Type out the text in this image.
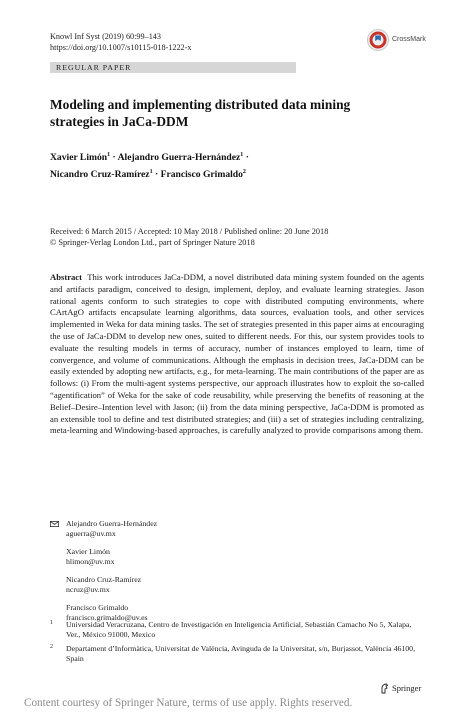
Knowl Inf Syst (2019) 60:99–143
https://doi.org/10.1007/s10115-018-1222-x
CrossMark
REGULAR PAPER
Modeling and implementing distributed data mining strategies in JaCa-DDM
Xavier Limón$^1$ · Alejandro Guerra-Hernández$^1$ ·
Nicandro Cruz-Ramírez$^1$ · Francisco Grimaldo$^2$
Received: 6 March 2015 / Accepted: 10 May 2018 / Published online: 20 June 2018
© Springer-Verlag London Ltd., part of Springer Nature 2018
Abstract This work introduces JaCa-DDM, a novel distributed data mining system founded on the agents and artifacts paradigm, conceived to design, implement, deploy, and evaluate learning strategies. Jason rational agents conform to such strategies to cope with distributed computing environments, where CArtAgO artifacts encapsulate learning algorithms, data sources, evaluation tools, and other services implemented in Weka for data mining tasks. The set of strategies presented in this paper aims at encouraging the use of JaCa-DDM to develop new ones, suited to different needs. For this, our system provides tools to evaluate the resulting models in terms of accuracy, number of instances employed to learn, time of convergence, and volume of communications. Although the emphasis in decision trees, JaCa-DDM can be easily extended by adopting new artifacts, e.g., for meta-learning. The main contributions of the paper are as follows: (i) From the multi-agent systems perspective, our approach illustrates how to exploit the so-called “agentification” of Weka for the sake of code reusability, while preserving the benefits of reasoning at the Belief–Desire–Intention level with Jason; (ii) from the data mining perspective, JaCa-DDM is promoted as an extensible tool to define and test distributed strategies; and (iii) a set of strategies including centralizing, meta-learning and Windowing-based approaches, is carefully analyzed to provide comparisons among them.
Alejandro Guerra-Hernández
aguerra@uv.mx
Xavier Limón
hlimon@uv.mx
Nicandro Cruz-Ramírez
ncruz@uv.mx
Francisco Grimaldo
francisco.grimaldo@uv.es
1 Universidad Veracruzana, Centro de Investigación en Inteligencia Artificial, Sebastián Camacho No 5, Xalapa, Ver., México 91000, Mexico
2 Departament d’Informàtica, Universitat de València, Avinguda de la Universitat, s/n, Burjassot, València 46100, Spain
Springer
Content courtesy of Springer Nature, terms of use apply. Rights reserved.
